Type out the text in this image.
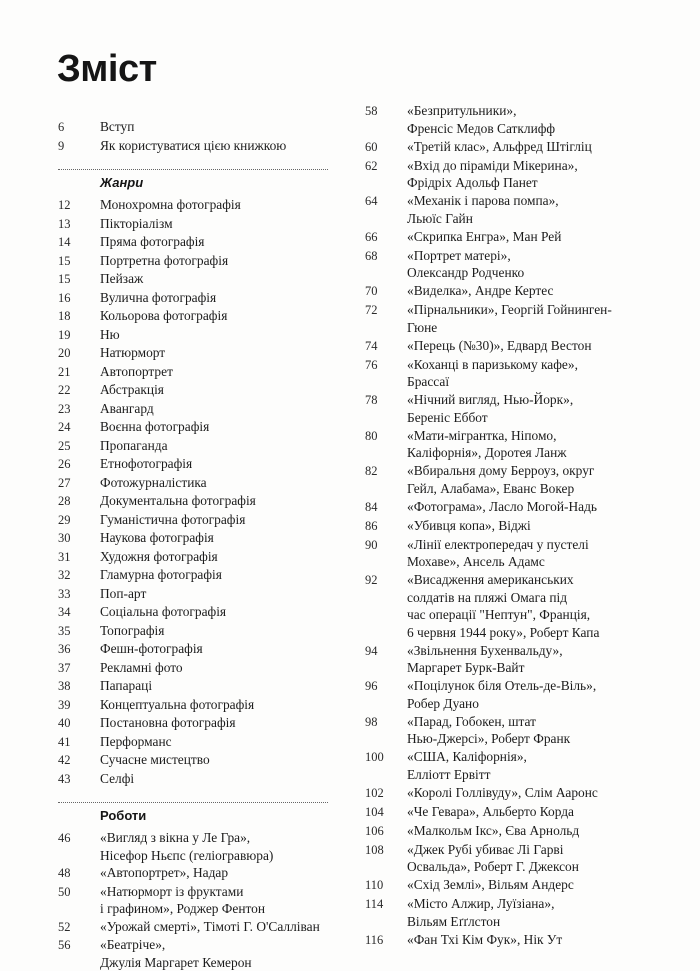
Зміст
6	Вступ
9	Як користуватися цією книжкою
Жанри
12	Монохромна фотографія
13	Пікторіалізм
14	Пряма фотографія
15	Портретна фотографія
15	Пейзаж
16	Вулична фотографія
18	Кольорова фотографія
19	Ню
20	Натюрморт
21	Автопортрет
22	Абстракція
23	Авангард
24	Воєнна фотографія
25	Пропаганда
26	Етнофотографія
27	Фотожурналістика
28	Документальна фотографія
29	Гуманістична фотографія
30	Наукова фотографія
31	Художня фотографія
32	Гламурна фотографія
33	Поп-арт
34	Соціальна фотографія
35	Топографія
36	Фешн-фотографія
37	Рекламні фото
38	Папараці
39	Концептуальна фотографія
40	Постановна фотографія
41	Перформанс
42	Сучасне мистецтво
43	Селфі
Роботи
46	«Вигляд з вікна у Ле Гра»,
Нісефор Ньєпс (геліогравюра)
48	«Автопортрет», Надар
50	«Натюрморт із фруктами
і графином», Роджер Фентон
52	«Урожай смерті», Тімоті Г. О'Салліван
56	«Беатріче»,
Джулія Маргарет Кемерон
58	«Безпритульники»,
Френсіс Медов Сатклифф
60	«Третій клас», Альфред Штігліц
62	«Вхід до піраміди Мікерина»,
Фрідріх Адольф Панет
64	«Механік і парова помпа»,
Льюїс Гайн
66	«Скрипка Енгра», Ман Рей
68	«Портрет матері»,
Олександр Родченко
70	«Виделка», Андре Кертес
72	«Пірнальники», Георгій Гойнинген-
Гюне
74	«Перець (№30)», Едвард Вестон
76	«Коханці в паризькому кафе»,
Брассаї
78	«Нічний вигляд, Нью-Йорк»,
Береніс Еббот
80	«Мати-мігрантка, Ніпомо,
Каліфорнія», Доротея Ланж
82	«Вбиральня дому Берроуз, округ
Гейл, Алабама», Еванс Вокер
84	«Фотограма», Ласло Могой-Надь
86	«Убивця копа», Віджі
90	«Лінії електропередач у пустелі
Мохаве», Ансель Адамс
92	«Висадження американських
солдатів на пляжі Омага під
час операції "Нептун", Франція,
6 червня 1944 року», Роберт Капа
94	«Звільнення Бухенвальду»,
Маргарет Бурк-Вайт
96	«Поцілунок біля Отель-де-Віль»,
Робер Дуано
98	«Парад, Гобокен, штат
Нью-Джерсі», Роберт Франк
100	«США, Каліфорнія»,
Елліотт Ервітт
102	«Королі Голлівуду», Слім Ааронс
104	«Че Гевара», Альберто Корда
106	«Малкольм Ікс», Єва Арнольд
108	«Джек Рубі убиває Лі Гарві
Освальда», Роберт Г. Джексон
110	«Схід Землі», Вільям Андерс
114	«Місто Алжир, Луїзіана»,
Вільям Еґґлстон
116	«Фан Тхі Кім Фук», Нік Ут
